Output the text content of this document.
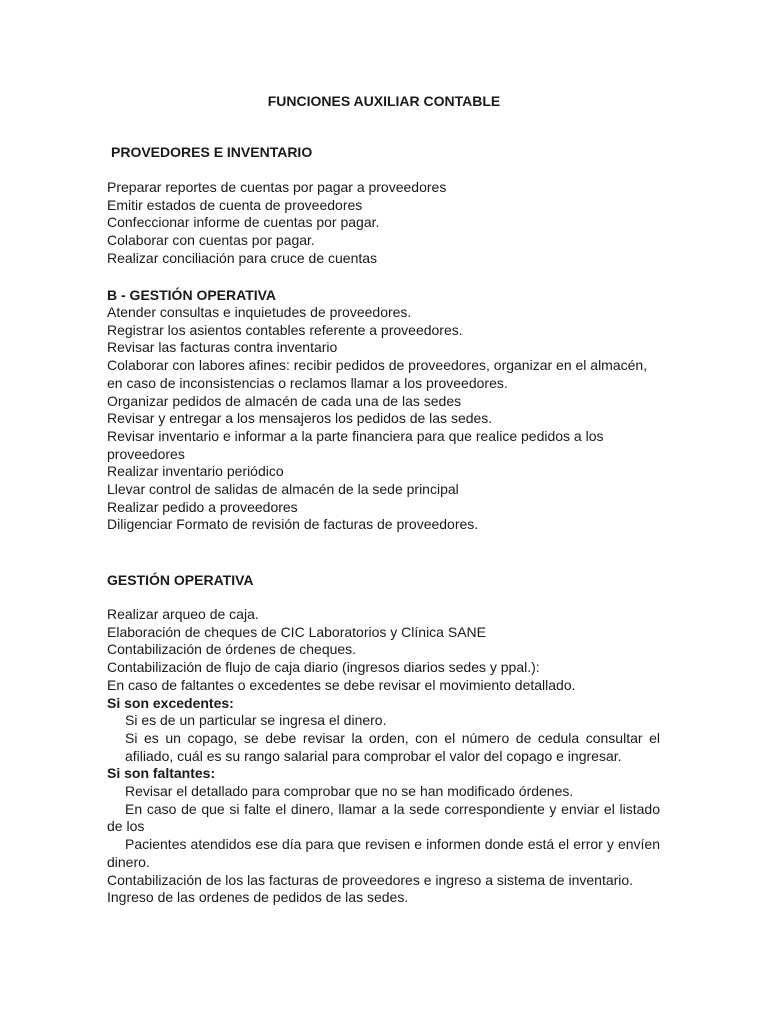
FUNCIONES AUXILIAR CONTABLE
PROVEDORES E INVENTARIO

Preparar reportes de cuentas por pagar a proveedores

Emitir estados de cuenta de proveedores

Confeccionar informe de cuentas por pagar.

Colaborar con cuentas por pagar.

Realizar conciliación para cruce de cuentas

B - GESTIÓN OPERATIVA

Atender consultas e inquietudes de proveedores.

Registrar los asientos contables referente a proveedores.

Revisar las facturas contra inventario

Colaborar con labores afines: recibir pedidos de proveedores, organizar en el almacén, en caso de inconsistencias o reclamos llamar a los proveedores.

Organizar pedidos de almacén de cada una de las sedes

Revisar y entregar a los mensajeros los pedidos de las sedes.

Revisar inventario e informar a la parte financiera para que realice pedidos a los proveedores

Realizar inventario periódico

Llevar control de salidas de almacén de la sede principal

Realizar pedido a proveedores

Diligenciar Formato de revisión de facturas de proveedores.

GESTIÓN OPERATIVA

Realizar arqueo de caja.

Elaboración de cheques de CIC Laboratorios y Clínica SANE

Contabilización de órdenes de cheques.

Contabilización de flujo de caja diario (ingresos diarios sedes y ppal.):

En caso de faltantes o excedentes se debe revisar el movimiento detallado.

Si son excedentes:

Si es de un particular se ingresa el dinero.

Si es un copago, se debe revisar la orden, con el número de cedula consultar el afiliado, cuál es su rango salarial para comprobar el valor del copago e ingresar.

Si son faltantes:

Revisar el detallado para comprobar que no se han modificado órdenes.

En caso de que si falte el dinero, llamar a la sede correspondiente y enviar el listado de los

Pacientes atendidos ese día para que revisen e informen donde está el error y envíen dinero.

Contabilización de los las facturas de proveedores e ingreso a sistema de inventario.

Ingreso de las ordenes de pedidos de las sedes.
